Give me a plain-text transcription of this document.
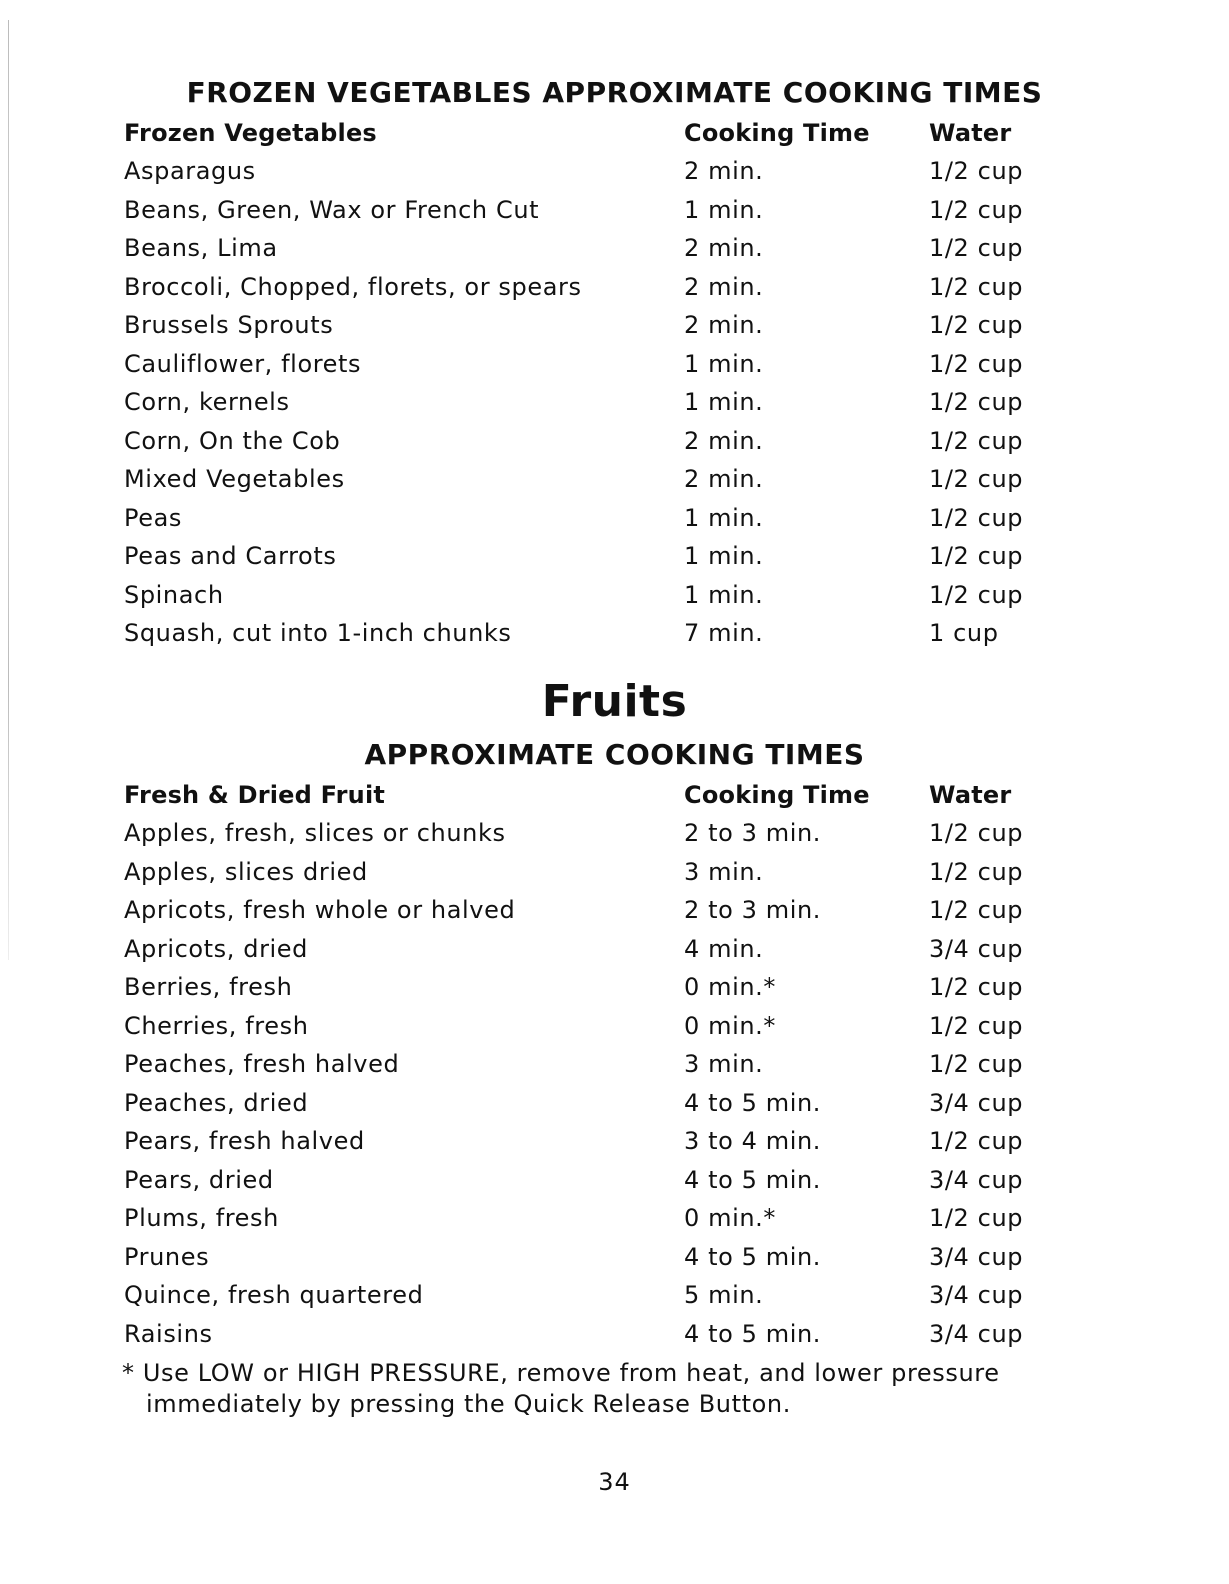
FROZEN VEGETABLES APPROXIMATE COOKING TIMES
Frozen Vegetables	Cooking Time Water
Asparagus	2 min.	1/2 cup
Beans, Green, Wax or French Cut	1 min.	1/2 cup
Beans, Lima	2 min.	1/2 cup
Broccoli, Chopped, florets, or spears	2 min.	1/2 cup
Brussels Sprouts	2 min.	1/2 cup
Cauliflower, florets	1 min.	1/2 cup
Corn, kernels	1 min.	1/2 cup
Corn, On the Cob	2 min.	1/2 cup
Mixed Vegetables	2 min.	1/2 cup
Peas	1 min.	1/2 cup
Peas and Carrots	1 min.	1/2 cup
Spinach	1 min.	1/2 cup
Squash, cut into 1-inch chunks	7 min.	1 cup
Fruits
APPROXIMATE COOKING TIMES
Fresh & Dried Fruit	Cooking Time Water
Apples, fresh, slices or chunks	2 to 3 min.	1/2 cup
Apples, slices dried	3 min.	1/2 cup
Apricots, fresh whole or halved	2 to 3 min.	1/2 cup
Apricots, dried	4 min.	3/4 cup
Berries, fresh	0 min.*	1/2 cup
Cherries, fresh	0 min.*	1/2 cup
Peaches, fresh halved	3 min.	1/2 cup
Peaches, dried	4 to 5 min.	3/4 cup
Pears, fresh halved	3 to 4 min.	1/2 cup
Pears, dried	4 to 5 min.	3/4 cup
Plums, fresh	0 min.*	1/2 cup
Prunes	4 to 5 min.	3/4 cup
Quince, fresh quartered	5 min.	3/4 cup
Raisins	4 to 5 min.	3/4 cup
* Use LOW or HIGH PRESSURE, remove from heat, and lower pressure
immediately by pressing the Quick Release Button.
34
